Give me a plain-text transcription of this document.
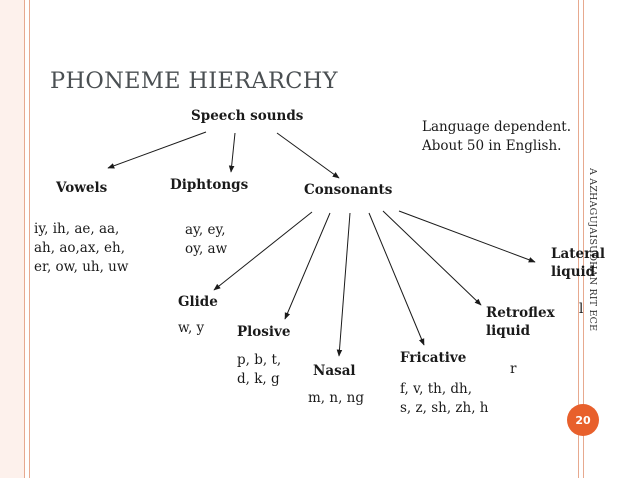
A AZHAGUJAISUDHAN RIT ECE
PHONEME HIERARCHY
Speech sounds
Language dependent.
About 50 in English.
Vowels	Diphtongs	Consonants
iy, ih, ae, aa,
ah, ao,ax, eh,
er, ow, uh, uw
ay, ey,
oy, aw
Glide
w, y Plosive
p, b, t,
d, k, g Nasal
m, n, ng
Fricative
f, v, th, dh,
s, z, sh, zh, h
Retroflex
liquid
r
Lateral
liquid
l
20
